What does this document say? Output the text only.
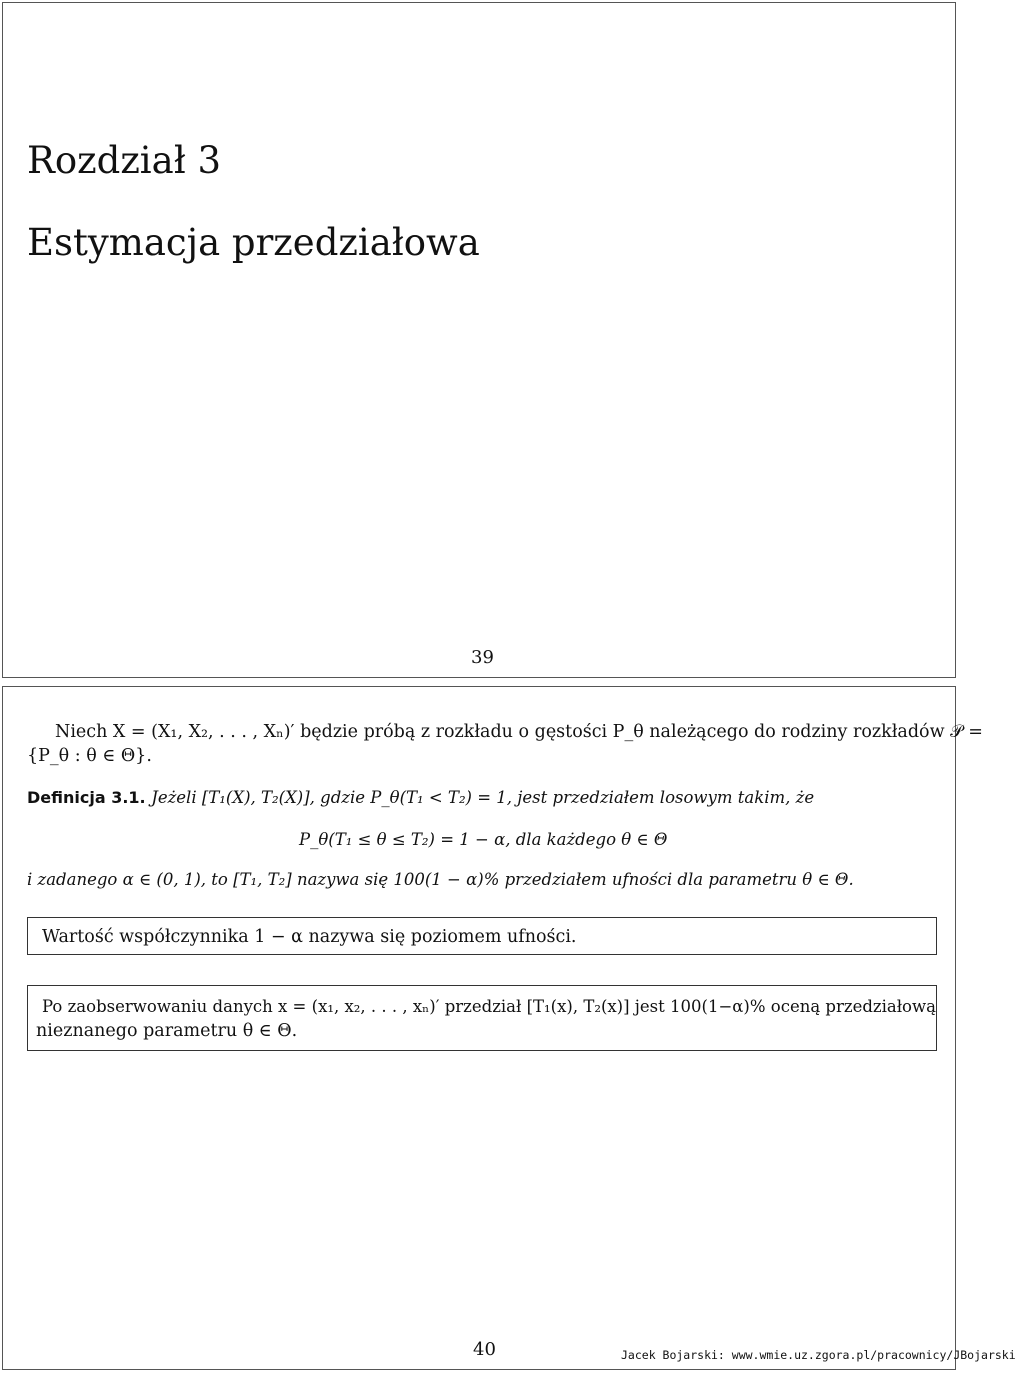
Rozdział 3
Estymacja przedziałowa
39
Niech X = (X₁, X₂, . . . , Xₙ)′ będzie próbą z rozkładu o gęstości P_θ należącego do rodziny rozkładów 𝒫 =
{P_θ : θ ∈ Θ}.
Definicja 3.1. Jeżeli [T₁(X), T₂(X)], gdzie P_θ(T₁ < T₂) = 1, jest przedziałem losowym takim, że
P_θ(T₁ ≤ θ ≤ T₂) = 1 − α, dla każdego θ ∈ Θ
i zadanego α ∈ (0, 1), to [T₁, T₂] nazywa się 100(1 − α)% przedziałem ufności dla parametru θ ∈ Θ.
Wartość współczynnika 1 − α nazywa się poziomem ufności.
Po zaobserwowaniu danych x = (x₁, x₂, . . . , xₙ)′ przedział [T₁(x), T₂(x)] jest 100(1−α)% oceną przedziałową
nieznanego parametru θ ∈ Θ.
40	Jacek Bojarski: www.wmie.uz.zgora.pl/pracownicy/JBojarski
